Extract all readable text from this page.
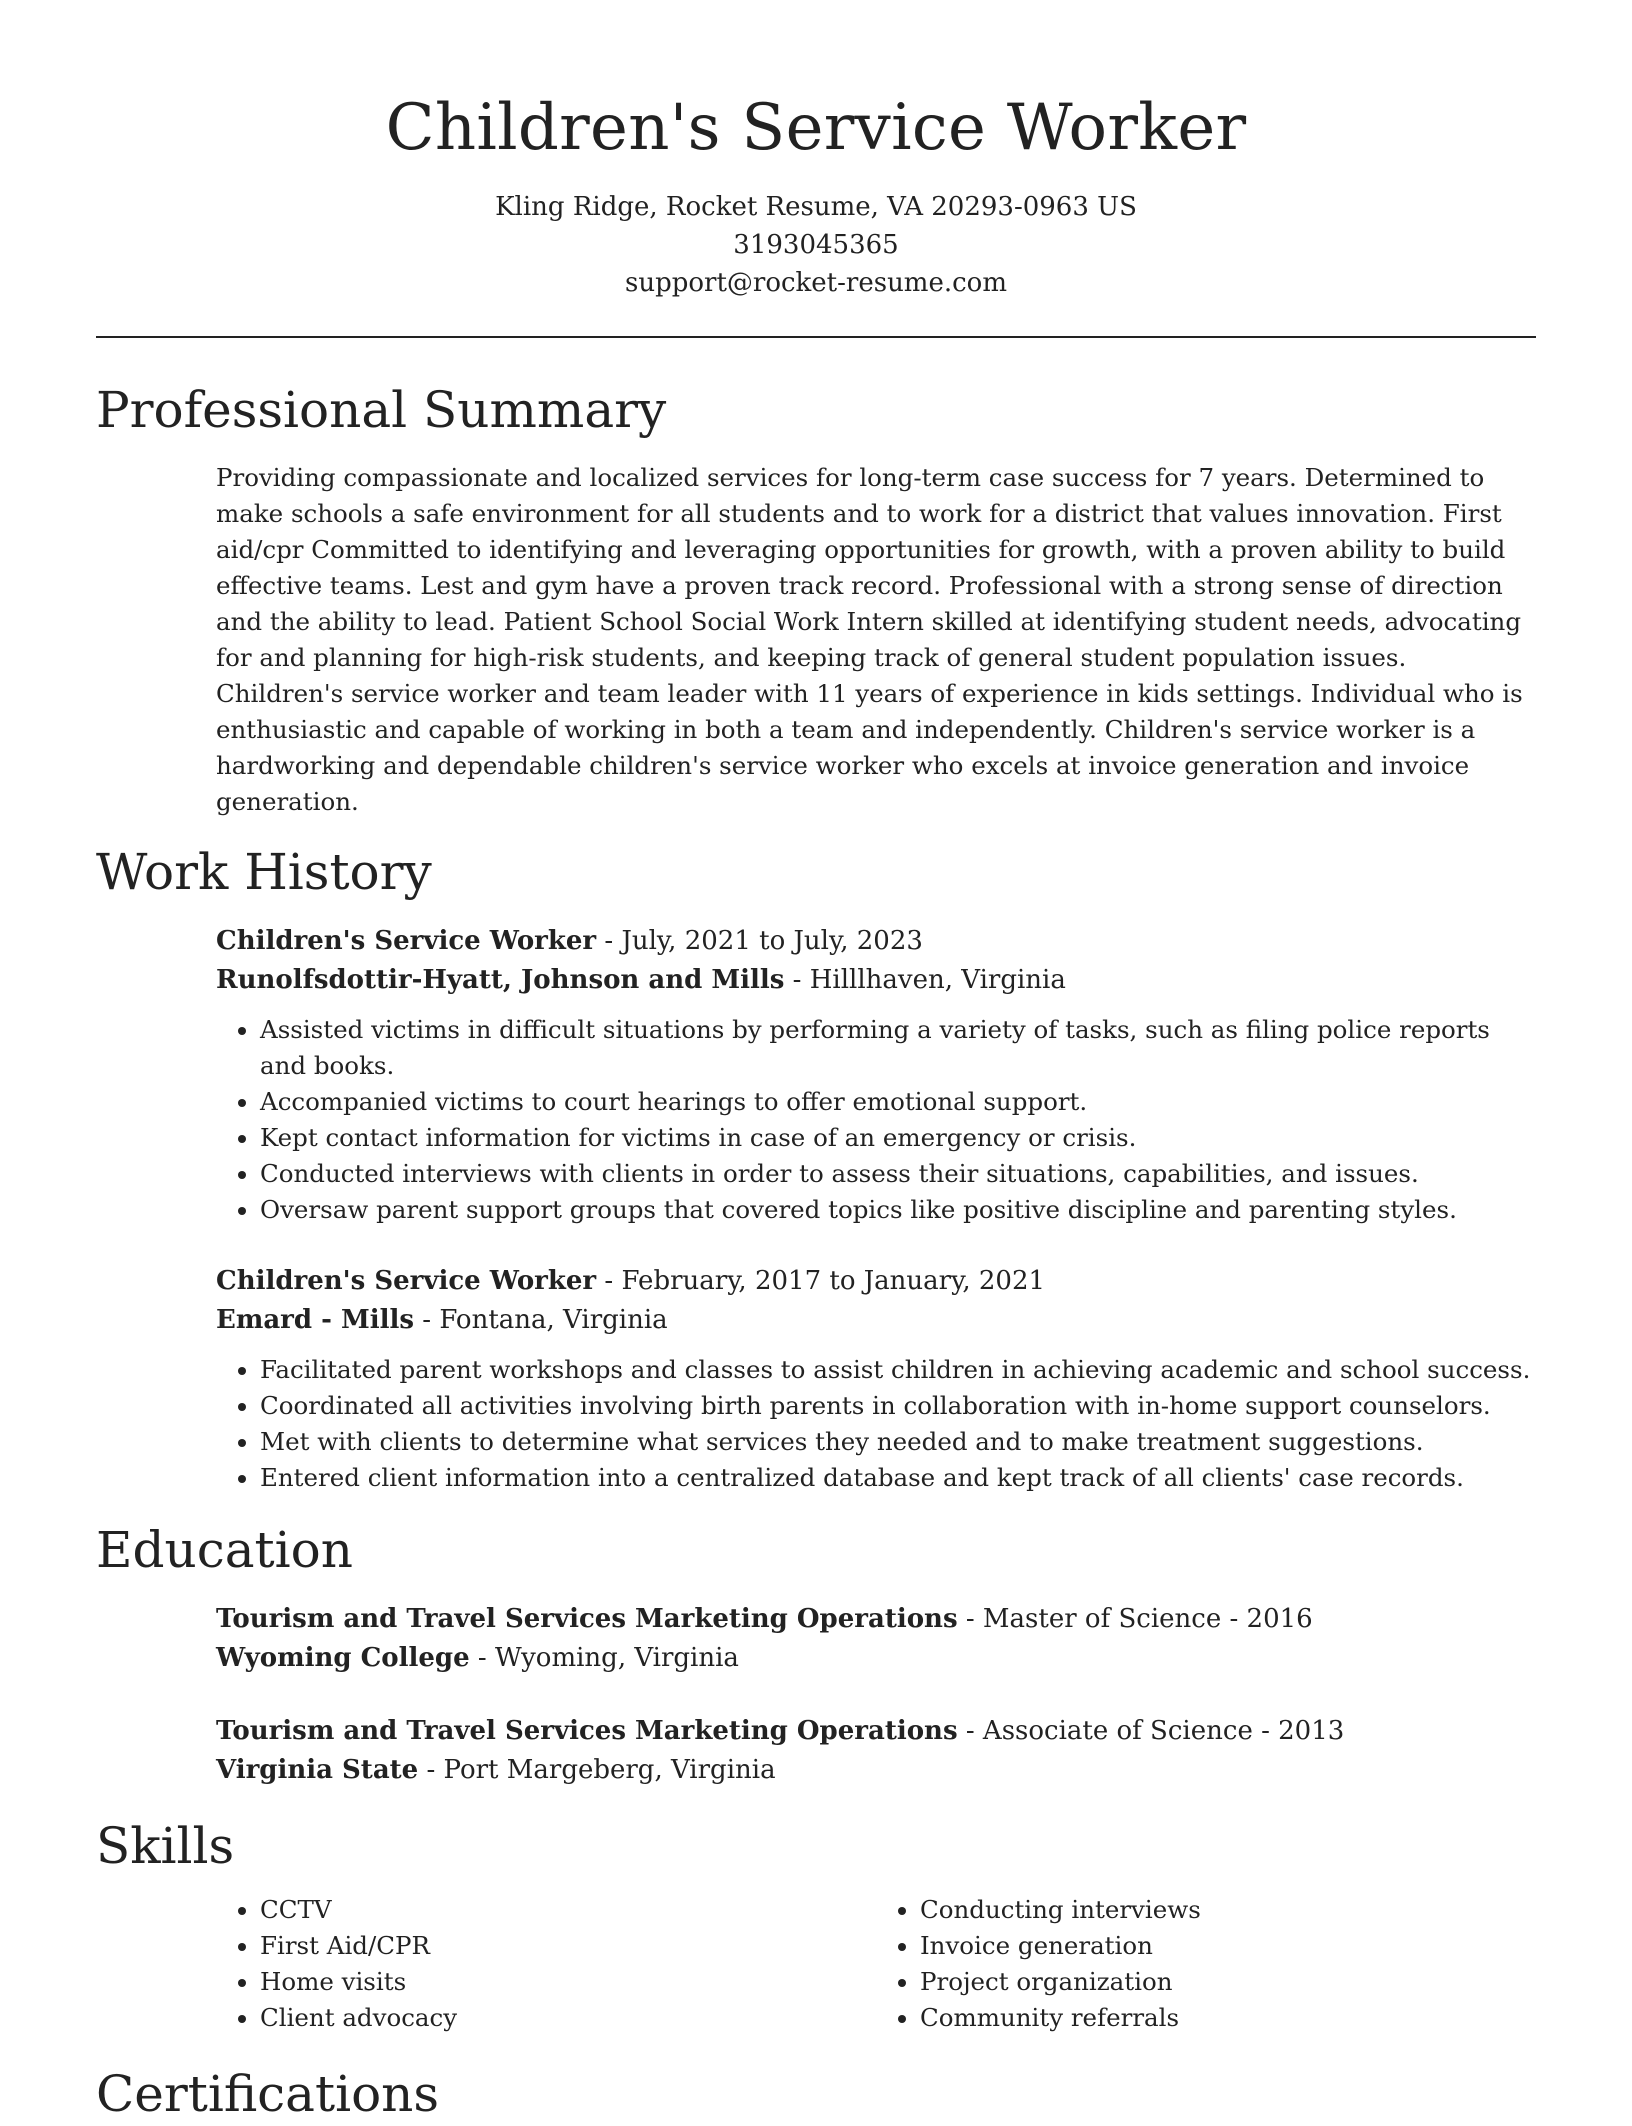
Children's Service Worker
Kling Ridge, Rocket Resume, VA 20293-0963 US
3193045365
support@rocket-resume.com
Professional Summary

Providing compassionate and localized services for long-term case success for 7 years. Determined to make schools a safe environment for all students and to work for a district that values innovation. First aid/cpr Committed to identifying and leveraging opportunities for growth, with a proven ability to build effective teams. Lest and gym have a proven track record. Professional with a strong sense of direction and the ability to lead. Patient School Social Work Intern skilled at identifying student needs, advocating for and planning for high-risk students, and keeping track of general student population issues. Children's service worker and team leader with 11 years of experience in kids settings. Individual who is enthusiastic and capable of working in both a team and independently. Children's service worker is a hardworking and dependable children's service worker who excels at invoice generation and invoice generation.

Work History
Children's Service Worker - July, 2021 to July, 2023
Runolfsdottir-Hyatt, Johnson and Mills - Hilllhaven, Virginia
• Assisted victims in difficult situations by performing a variety of tasks, such as filing police reports and books.
• Accompanied victims to court hearings to offer emotional support.
• Kept contact information for victims in case of an emergency or crisis.
• Conducted interviews with clients in order to assess their situations, capabilities, and issues.
• Oversaw parent support groups that covered topics like positive discipline and parenting styles.
Children's Service Worker - February, 2017 to January, 2021
Emard - Mills - Fontana, Virginia
• Facilitated parent workshops and classes to assist children in achieving academic and school success.
• Coordinated all activities involving birth parents in collaboration with in-home support counselors.
• Met with clients to determine what services they needed and to make treatment suggestions.
• Entered client information into a centralized database and kept track of all clients' case records.
Education
Tourism and Travel Services Marketing Operations - Master of Science - 2016
Wyoming College - Wyoming, Virginia
Tourism and Travel Services Marketing Operations - Associate of Science - 2013
Virginia State - Port Margeberg, Virginia
Skills
• CCTV
• First Aid/CPR
• Home visits
• Client advocacy
• Conducting interviews
• Invoice generation
• Project organization
• Community referrals
Certifications
